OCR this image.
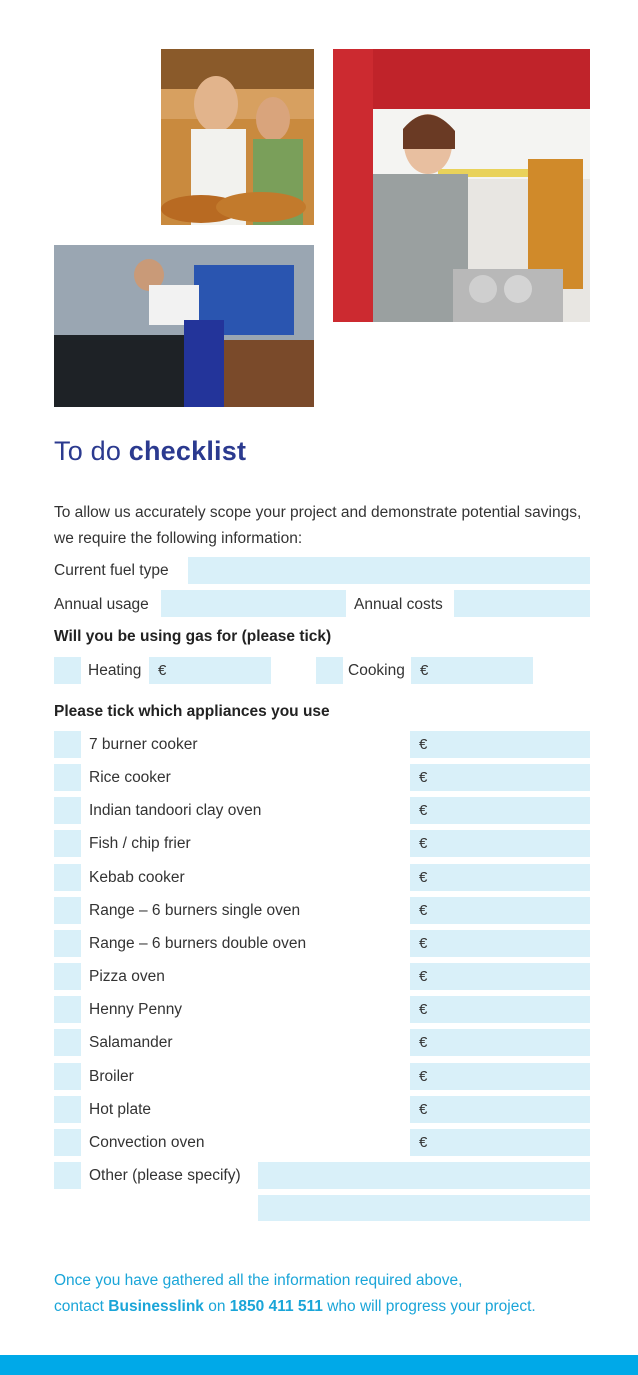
To do checklist
To allow us accurately scope your project and demonstrate potential savings, we require the following information:
Current fuel type
Annual usage	Annual costs
Will you be using gas for (please tick)
Heating	€	Cooking	€
Please tick which appliances you use
7 burner cooker	€
Rice cooker	€
Indian tandoori clay oven	€
Fish / chip frier	€
Kebab cooker	€
Range – 6 burners single oven	€
Range – 6 burners double oven	€
Pizza oven	€
Henny Penny	€
Salamander	€
Broiler	€
Hot plate	€
Convection oven	€
Other (please specify)
Once you have gathered all the information required above,
contact Businesslink on 1850 411 511 who will progress your project.
